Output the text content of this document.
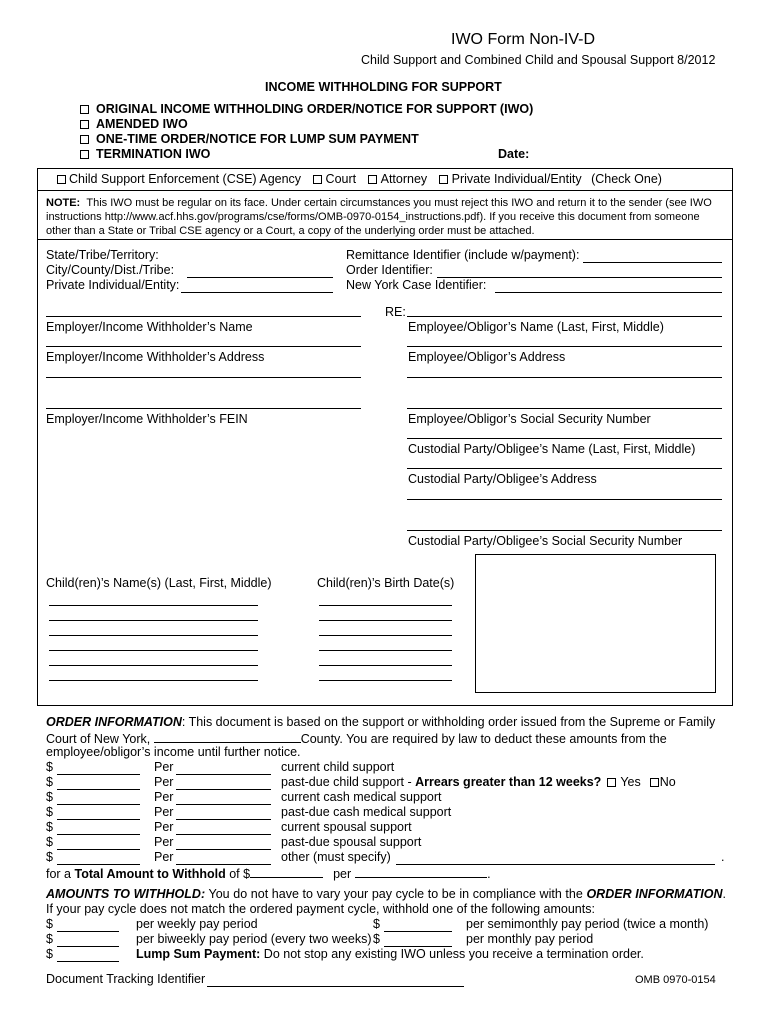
IWO Form Non-IV-D
Child Support and Combined Child and Spousal Support 8/2012
INCOME WITHHOLDING FOR SUPPORT
ORIGINAL INCOME WITHHOLDING ORDER/NOTICE FOR SUPPORT (IWO)
AMENDED IWO
ONE-TIME ORDER/NOTICE FOR LUMP SUM PAYMENT
TERMINATION IWO	Date:
Child Support Enforcement (CSE) Agency Court Attorney Private Individual/Entity (Check One)
NOTE: This IWO must be regular on its face. Under certain circumstances you must reject this IWO and return it to the sender (see IWO instructions http://www.acf.hhs.gov/programs/cse/forms/OMB-0970-0154_instructions.pdf). If you receive this document from someone other than a State or Tribal CSE agency or a Court, a copy of the underlying order must be attached.
State/Tribe/Territory:
City/County/Dist./Tribe:
Private Individual/Entity:
Remittance Identifier (include w/payment):
Order Identifier:
New York Case Identifier:
Employer/Income Withholder’s Name
Employer/Income Withholder’s Address
Employer/Income Withholder’s FEIN
RE:
Employee/Obligor’s Name (Last, First, Middle)
Employee/Obligor’s Address
Employee/Obligor’s Social Security Number
Custodial Party/Obligee’s Name (Last, First, Middle)
Custodial Party/Obligee’s Address
Custodial Party/Obligee’s Social Security Number
Child(ren)’s Name(s) (Last, First, Middle)	Child(ren)’s Birth Date(s)
ORDER INFORMATION: This document is based on the support or withholding order issued from the Supreme or Family
Court of New York,	County. You are required by law to deduct these amounts from the
employee/obligor’s income until further notice.
$	Per	current child support
$	Per	past-due child support - Arrears greater than 12 weeks? Yes No
$	Per	current cash medical support
$	Per	past-due cash medical support
$	Per	current spousal support
$	Per	past-due spousal support
$	Per	other (must specify)	.
for a Total Amount to Withhold of $	per	.
AMOUNTS TO WITHHOLD: You do not have to vary your pay cycle to be in compliance with the ORDER INFORMATION. If your pay cycle does not match the ordered payment cycle, withhold one of the following amounts:
$	per weekly pay period	$	per semimonthly pay period (twice a month)
$	per biweekly pay period (every two weeks) $	per monthly pay period
$	Lump Sum Payment: Do not stop any existing IWO unless you receive a termination order.
Document Tracking Identifier	OMB 0970-0154
